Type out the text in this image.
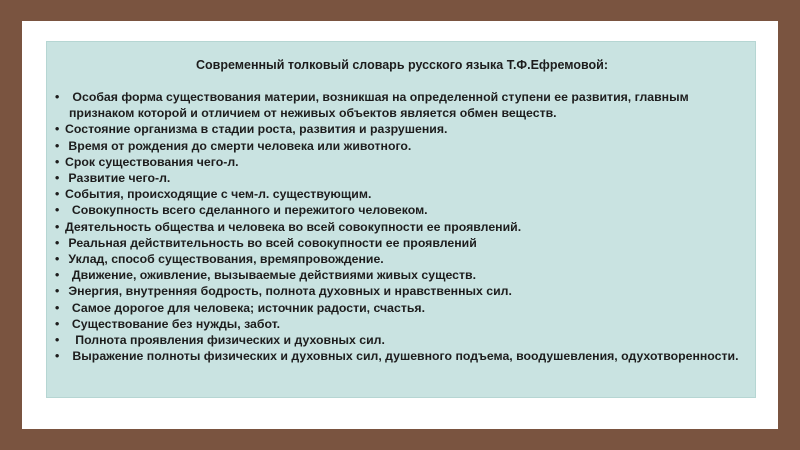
Современный толковый словарь русского языка Т.Ф.Ефремовой:
• Особая форма существования материи, возникшая на определенной ступени ее развития, главным признаком которой и отличием от неживых объектов является обмен веществ.
• Состояние организма в стадии роста, развития и разрушения.
• Время от рождения до смерти человека или животного.
• Срок существования чего-л.
• Развитие чего-л.
• События, происходящие с чем-л. существующим.
• Совокупность всего сделанного и пережитого человеком.
• Деятельность общества и человека во всей совокупности ее проявлений.
• Реальная действительность во всей совокупности ее проявлений
• Уклад, способ существования, времяпровождение.
• Движение, оживление, вызываемые действиями живых существ.
• Энергия, внутренняя бодрость, полнота духовных и нравственных сил.
• Самое дорогое для человека; источник радости, счастья.
• Существование без нужды, забот.
• Полнота проявления физических и духовных сил.
• Выражение полноты физических и духовных сил, душевного подъема, воодушевления, одухотворенности.
